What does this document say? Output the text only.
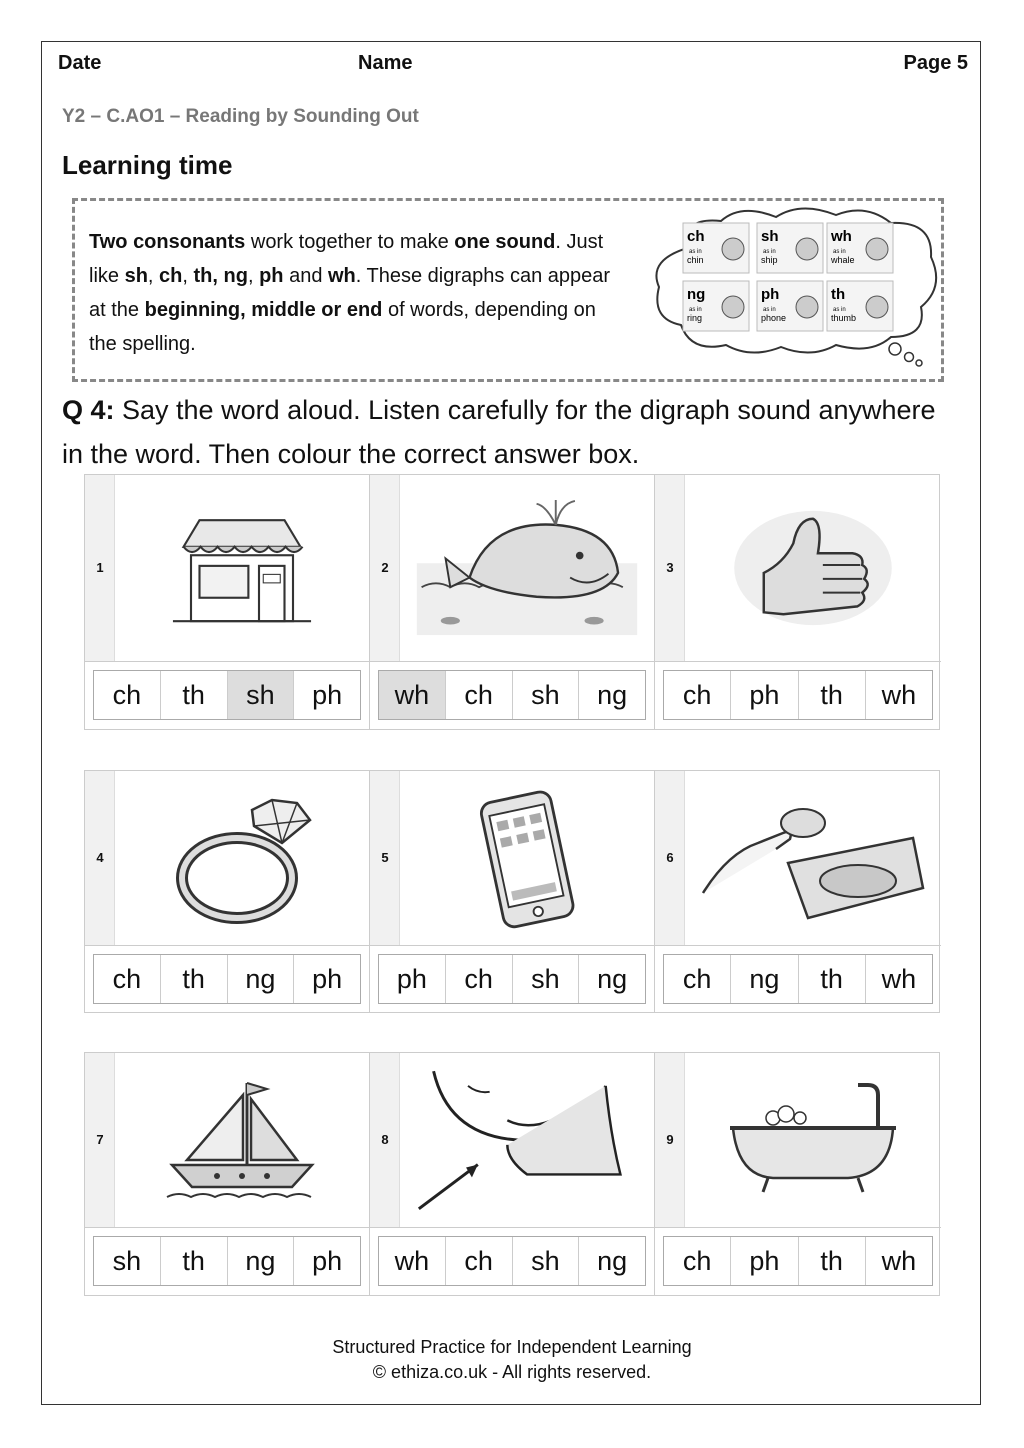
Date	Name	Page 5
Y2 – C.AO1 – Reading by Sounding Out
Learning time
Two consonants work together to make one sound. Just like sh, ch, th, ng, ph and wh. These digraphs can appear at the beginning, middle or end of words, depending on the spelling.
ch
as in
chin
sh
as in
ship
wh
as in
whale
ng
as in
ring
ph
as in
phone
th
as in
thumb
Q 4: Say the word aloud. Listen carefully for the digraph sound anywhere in the word. Then colour the correct answer box.
1
ch	th	sh	ph
2
wh	ch	sh	ng
3
ch	ph	th	wh
4
ch	th	ng	ph
5
ph	ch	sh	ng
6
ch	ng	th	wh
7
sh	th	ng	ph
8
wh	ch	sh	ng
9
ch	ph	th	wh
Structured Practice for Independent Learning
© ethiza.co.uk - All rights reserved.
